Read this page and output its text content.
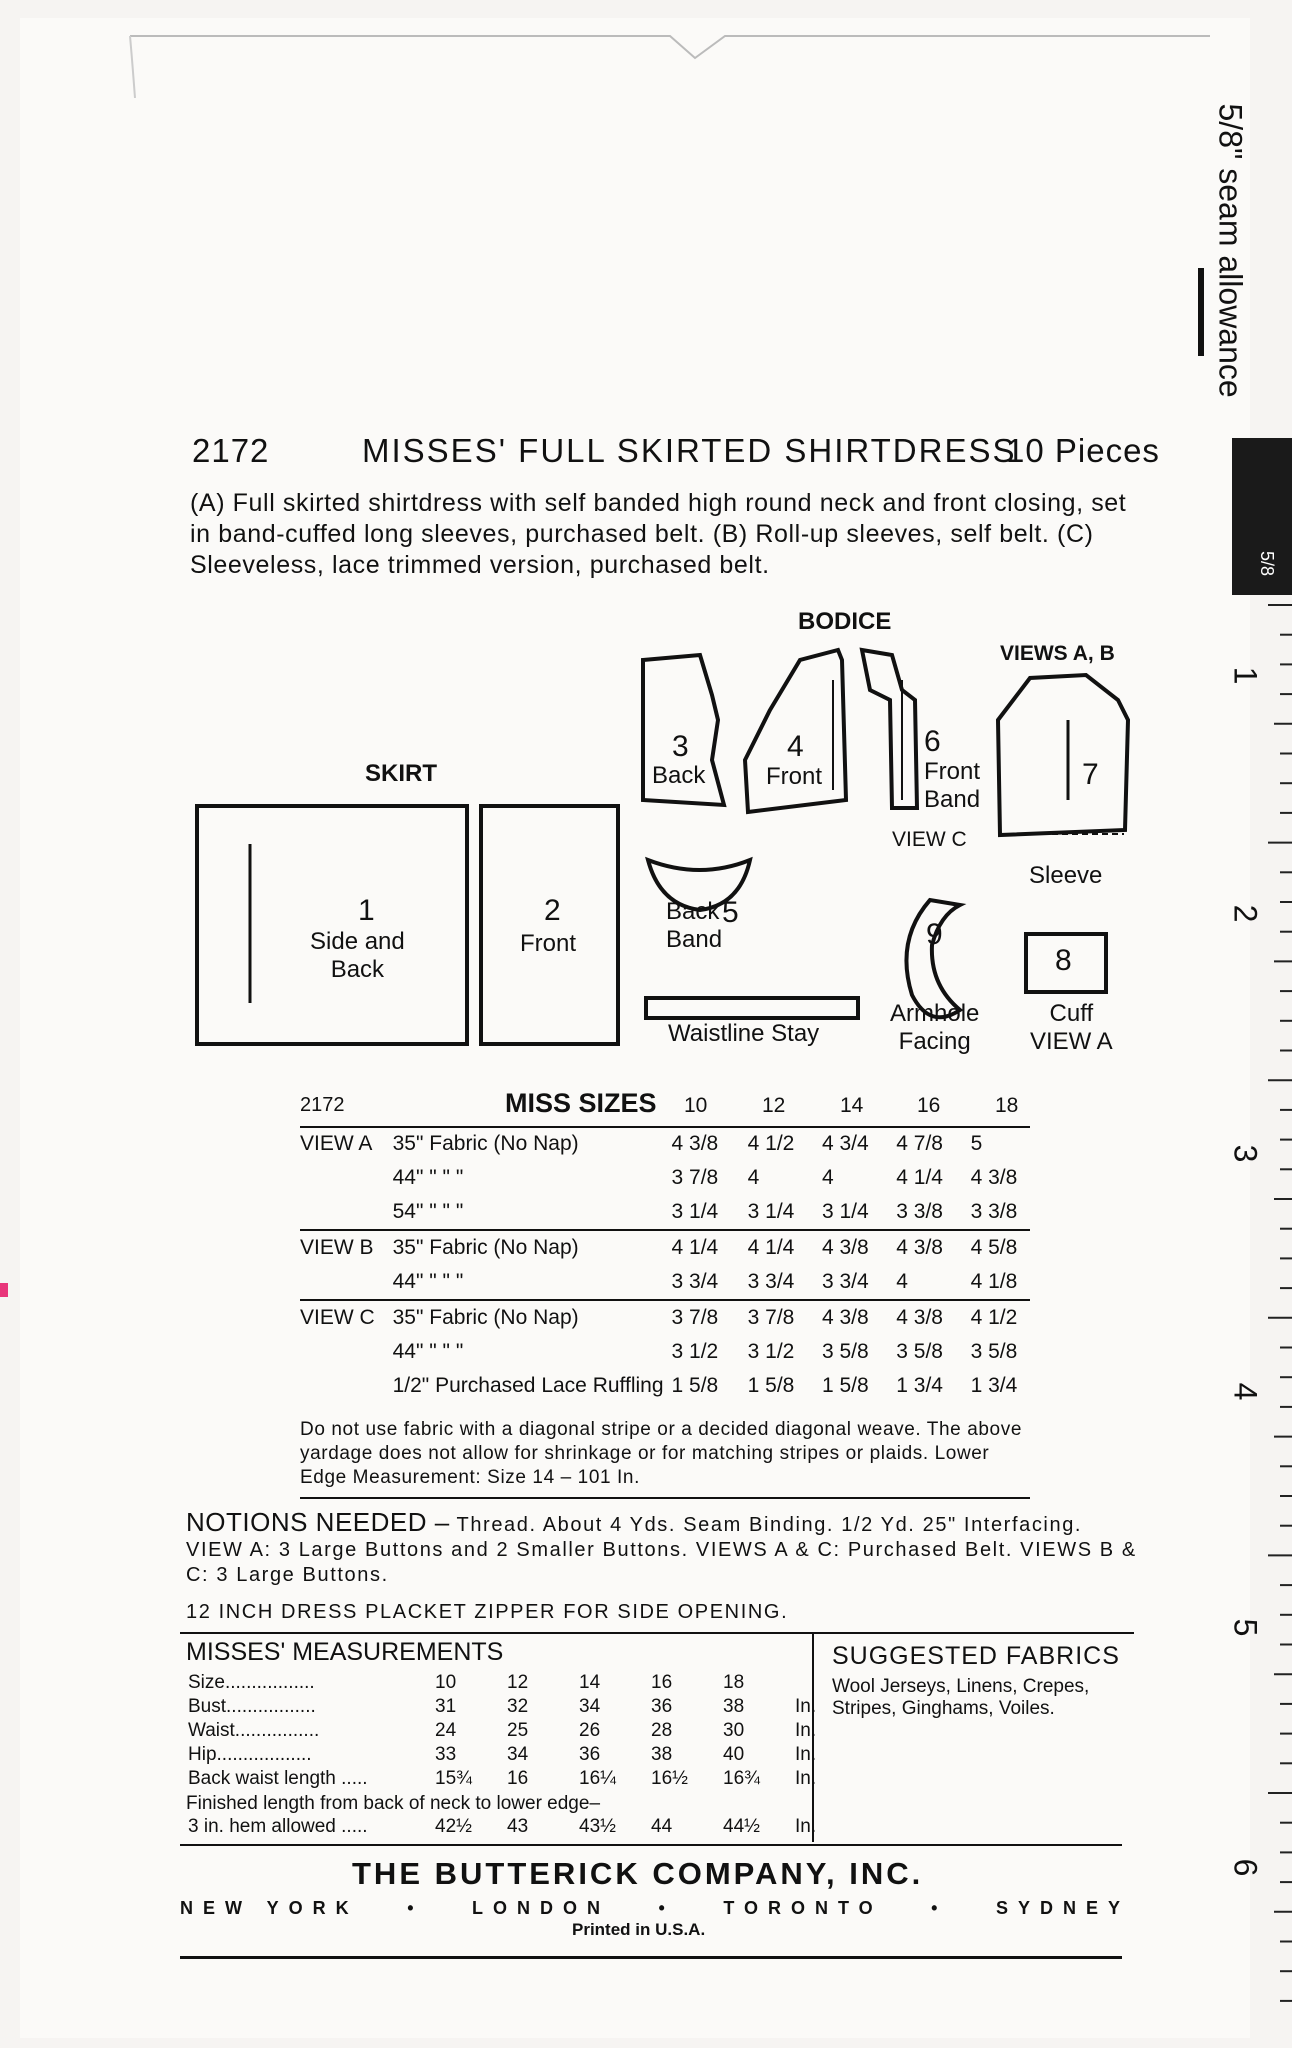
2172	MISSES' FULL SKIRTED SHIRTDRESS
10 Pieces
(A) Full skirted shirtdress with self banded high round neck and front closing, set in band-cuffed long sleeves, purchased belt. (B) Roll-up sleeves, self belt. (C) Sleeveless, lace trimmed version, purchased belt.
SKIRT
BODICE
VIEWS A, B
VIEW C
1
Side and
Back
2
Front
3
Back
4
Front
6
Front
Band
7
Sleeve
5
Back
Band
Waistline Stay
9
Armhole
Facing
8
Cuff
VIEW A
2172	MISS SIZES 10	12	14	16	18
VIEW A	35" Fabric (No Nap)	4 3/8	4 1/2	4 3/4	4 7/8	5
	44" " " "	3 7/8	4	4	4 1/4	4 3/8
	54" " " "	3 1/4	3 1/4	3 1/4	3 3/8	3 3/8
VIEW B	35" Fabric (No Nap)	4 1/4	4 1/4	4 3/8	4 3/8	4 5/8
	44" " " "	3 3/4	3 3/4	3 3/4	4	4 1/8
VIEW C	35" Fabric (No Nap)	3 7/8	3 7/8	4 3/8	4 3/8	4 1/2
	44" " " "	3 1/2	3 1/2	3 5/8	3 5/8	3 5/8
	1/2" Purchased Lace Ruffling	1 5/8	1 5/8	1 5/8	1 3/4	1 3/4
Do not use fabric with a diagonal stripe or a decided diagonal weave. The above yardage does not allow for shrinkage or for matching stripes or plaids. Lower Edge Measurement: Size 14 – 101 In.
NOTIONS NEEDED – Thread. About 4 Yds. Seam Binding. 1/2 Yd. 25" Interfacing. VIEW A: 3 Large Buttons and 2 Smaller Buttons. VIEWS A & C: Purchased Belt. VIEWS B & C: 3 Large Buttons.
12 INCH DRESS PLACKET ZIPPER FOR SIDE OPENING.
MISSES' MEASUREMENTS
Size.................	10	12	14	16	18	
Bust.................	31	32	34	36	38	In.
Waist................	24	25	26	28	30	In.
Hip..................	33	34	36	38	40	In.
Back waist length .....	15¾	16	16¼	16½	16¾	In.
Finished length from back of neck to lower edge–
3 in. hem allowed .....	42½	43	43½	44	44½	In.
SUGGESTED FABRICS
Wool Jerseys, Linens, Crepes, Stripes, Ginghams, Voiles.
THE BUTTERICK COMPANY, INC.
NEW YORK	•	LONDON	•	TORONTO	•	SYDNEY
Printed in U.S.A.
5/8" seam allowance
5/8
1
2
3
4
5
6
